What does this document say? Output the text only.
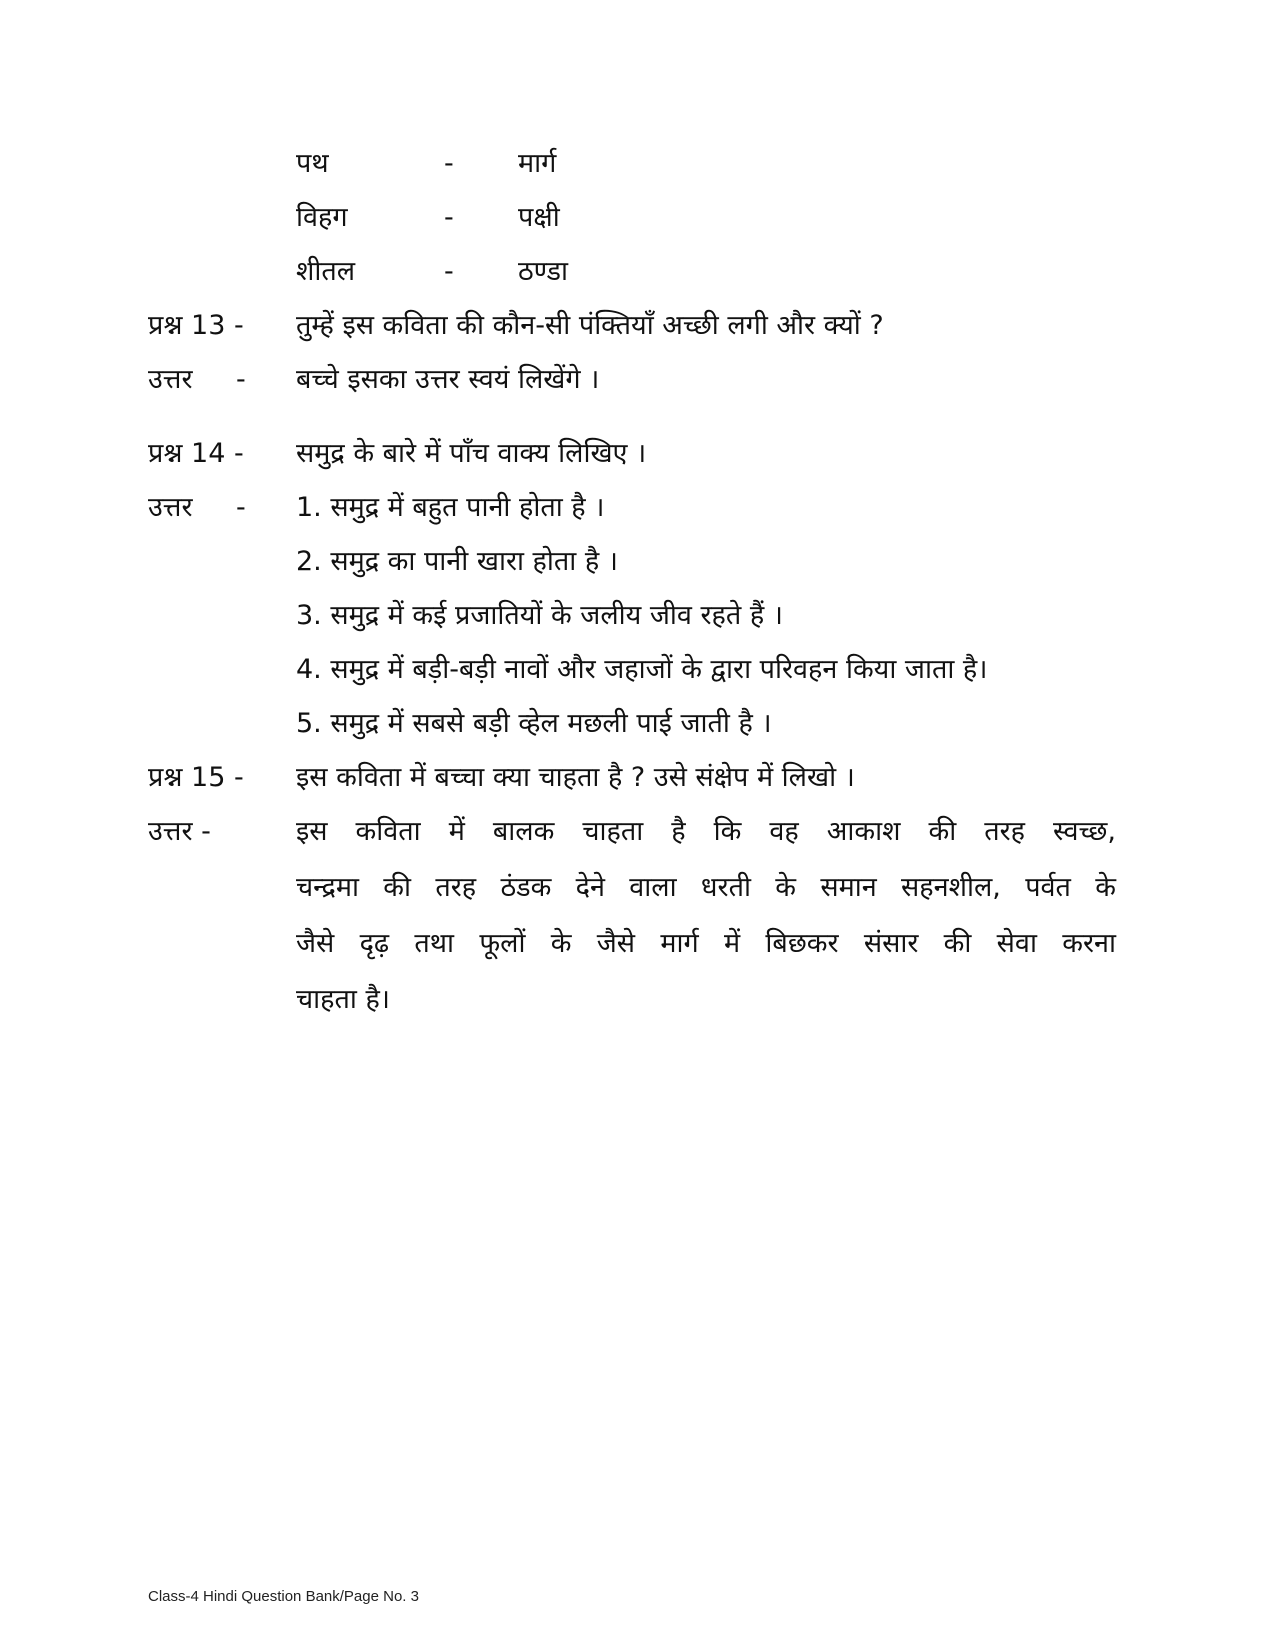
पथ	- मार्ग
विहग	- पक्षी
शीतल	- ठण्डा
प्रश्न 13 - तुम्हें इस कविता की कौन-सी पंक्तियाँ अच्छी लगी और क्यों ?
उत्तर - बच्चे इसका उत्तर स्वयं लिखेंगे ।
प्रश्न 14 - समुद्र के बारे में पाँच वाक्य लिखिए ।
उत्तर - 1. समुद्र में बहुत पानी होता है ।
2. समुद्र का पानी खारा होता है ।
3. समुद्र में कई प्रजातियों के जलीय जीव रहते हैं ।
4. समुद्र में बड़ी-बड़ी नावों और जहाजों के द्वारा परिवहन किया जाता है।
5. समुद्र में सबसे बड़ी व्हेल मछली पाई जाती है ।
प्रश्न 15 - इस कविता में बच्चा क्या चाहता है ? उसे संक्षेप में लिखो ।
उत्तर -	इस कविता में बालक चाहता है कि वह आकाश की तरह स्वच्छ,
चन्द्रमा की तरह ठंडक देने वाला धरती के समान सहनशील, पर्वत के
जैसे दृढ़ तथा फूलों के जैसे मार्ग में बिछकर संसार की सेवा करना
चाहता है।
Class-4 Hindi Question Bank/Page No. 3
